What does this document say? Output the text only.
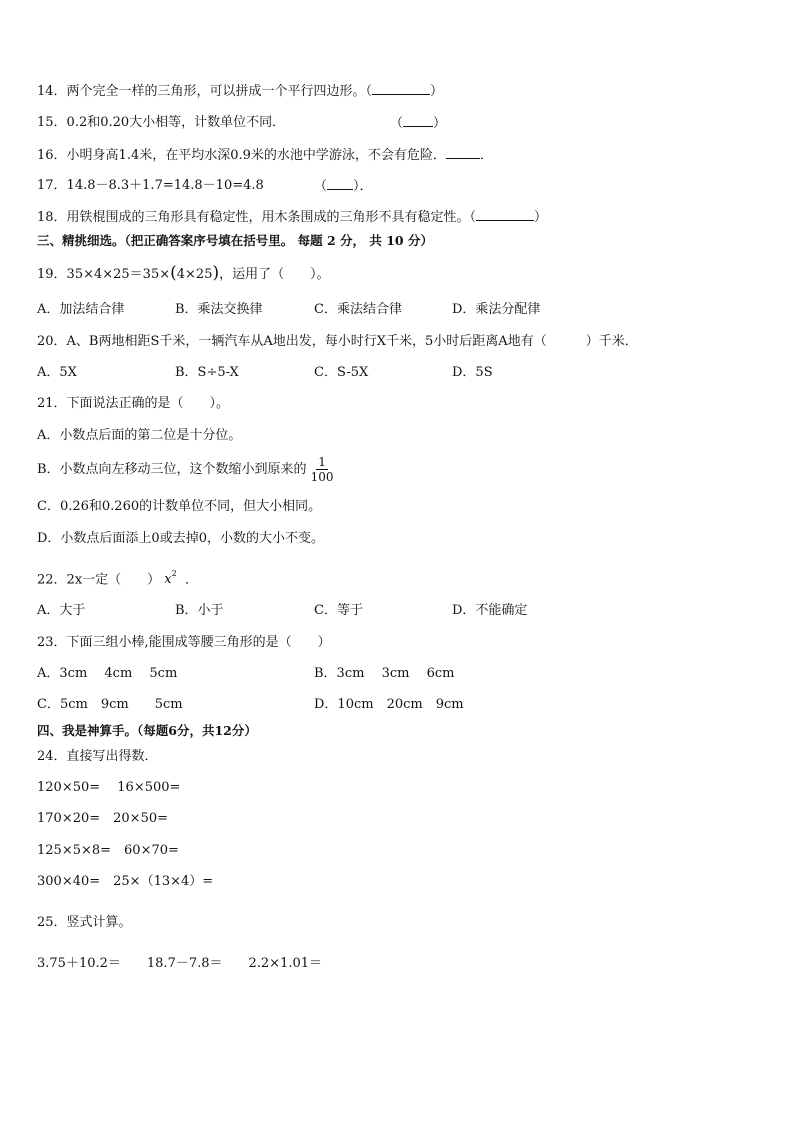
14．两个完全一样的三角形，可以拼成一个平行四边形。（	）
15．0.2和0.20大小相等，计数单位不同．	（ ）
16．小明身高1.4米，在平均水深0.9米的水池中学游泳，不会有危险．	．
17．14.8－8.3＋1.7=14.8－10=4.8	（ ）．
18．用铁棍围成的三角形具有稳定性，用木条围成的三角形不具有稳定性。（	）
三、精挑细选。（把正确答案序号填在括号里。 每题 2 分， 共 10 分）
19．35×4×25＝35×(4×25)，运用了（　　）。
A．加法结合律	B．乘法交换律	C．乘法结合律	D．乘法分配律
20．A、B两地相距S千米，一辆汽车从A地出发，每小时行X千米，5小时后距离A地有（　　　）千米．
A．5X	B．S÷5-X	C．S-5X	D．5S
21．下面说法正确的是（　　）。
A．小数点后面的第二位是十分位。
B．小数点向左移动三位，这个数缩小到原来的 $\frac{1}{100}$
C．0.26和0.260的计数单位不同，但大小相同。
D．小数点后面添上0或去掉0，小数的大小不变。
22．2x一定（　　） $x^2$ ．
A．大于	B．小于	C．等于	D．不能确定
23．下面三组小棒,能围成等腰三角形的是（　　）
A．3cm　 4cm　 5cm	B．3cm　 3cm　 6cm
C．5cm　9cm　　5cm	D．10cm　20cm　9cm
四、我是神算手。（每题6分，共12分）
24．直接写出得数．
120×50=　 16×500=
170×20=　20×50=
125×5×8=　60×70=
300×40=　25×（13×4）=
25．竖式计算。
3.75＋10.2＝　　18.7－7.8＝　　2.2×1.01＝
